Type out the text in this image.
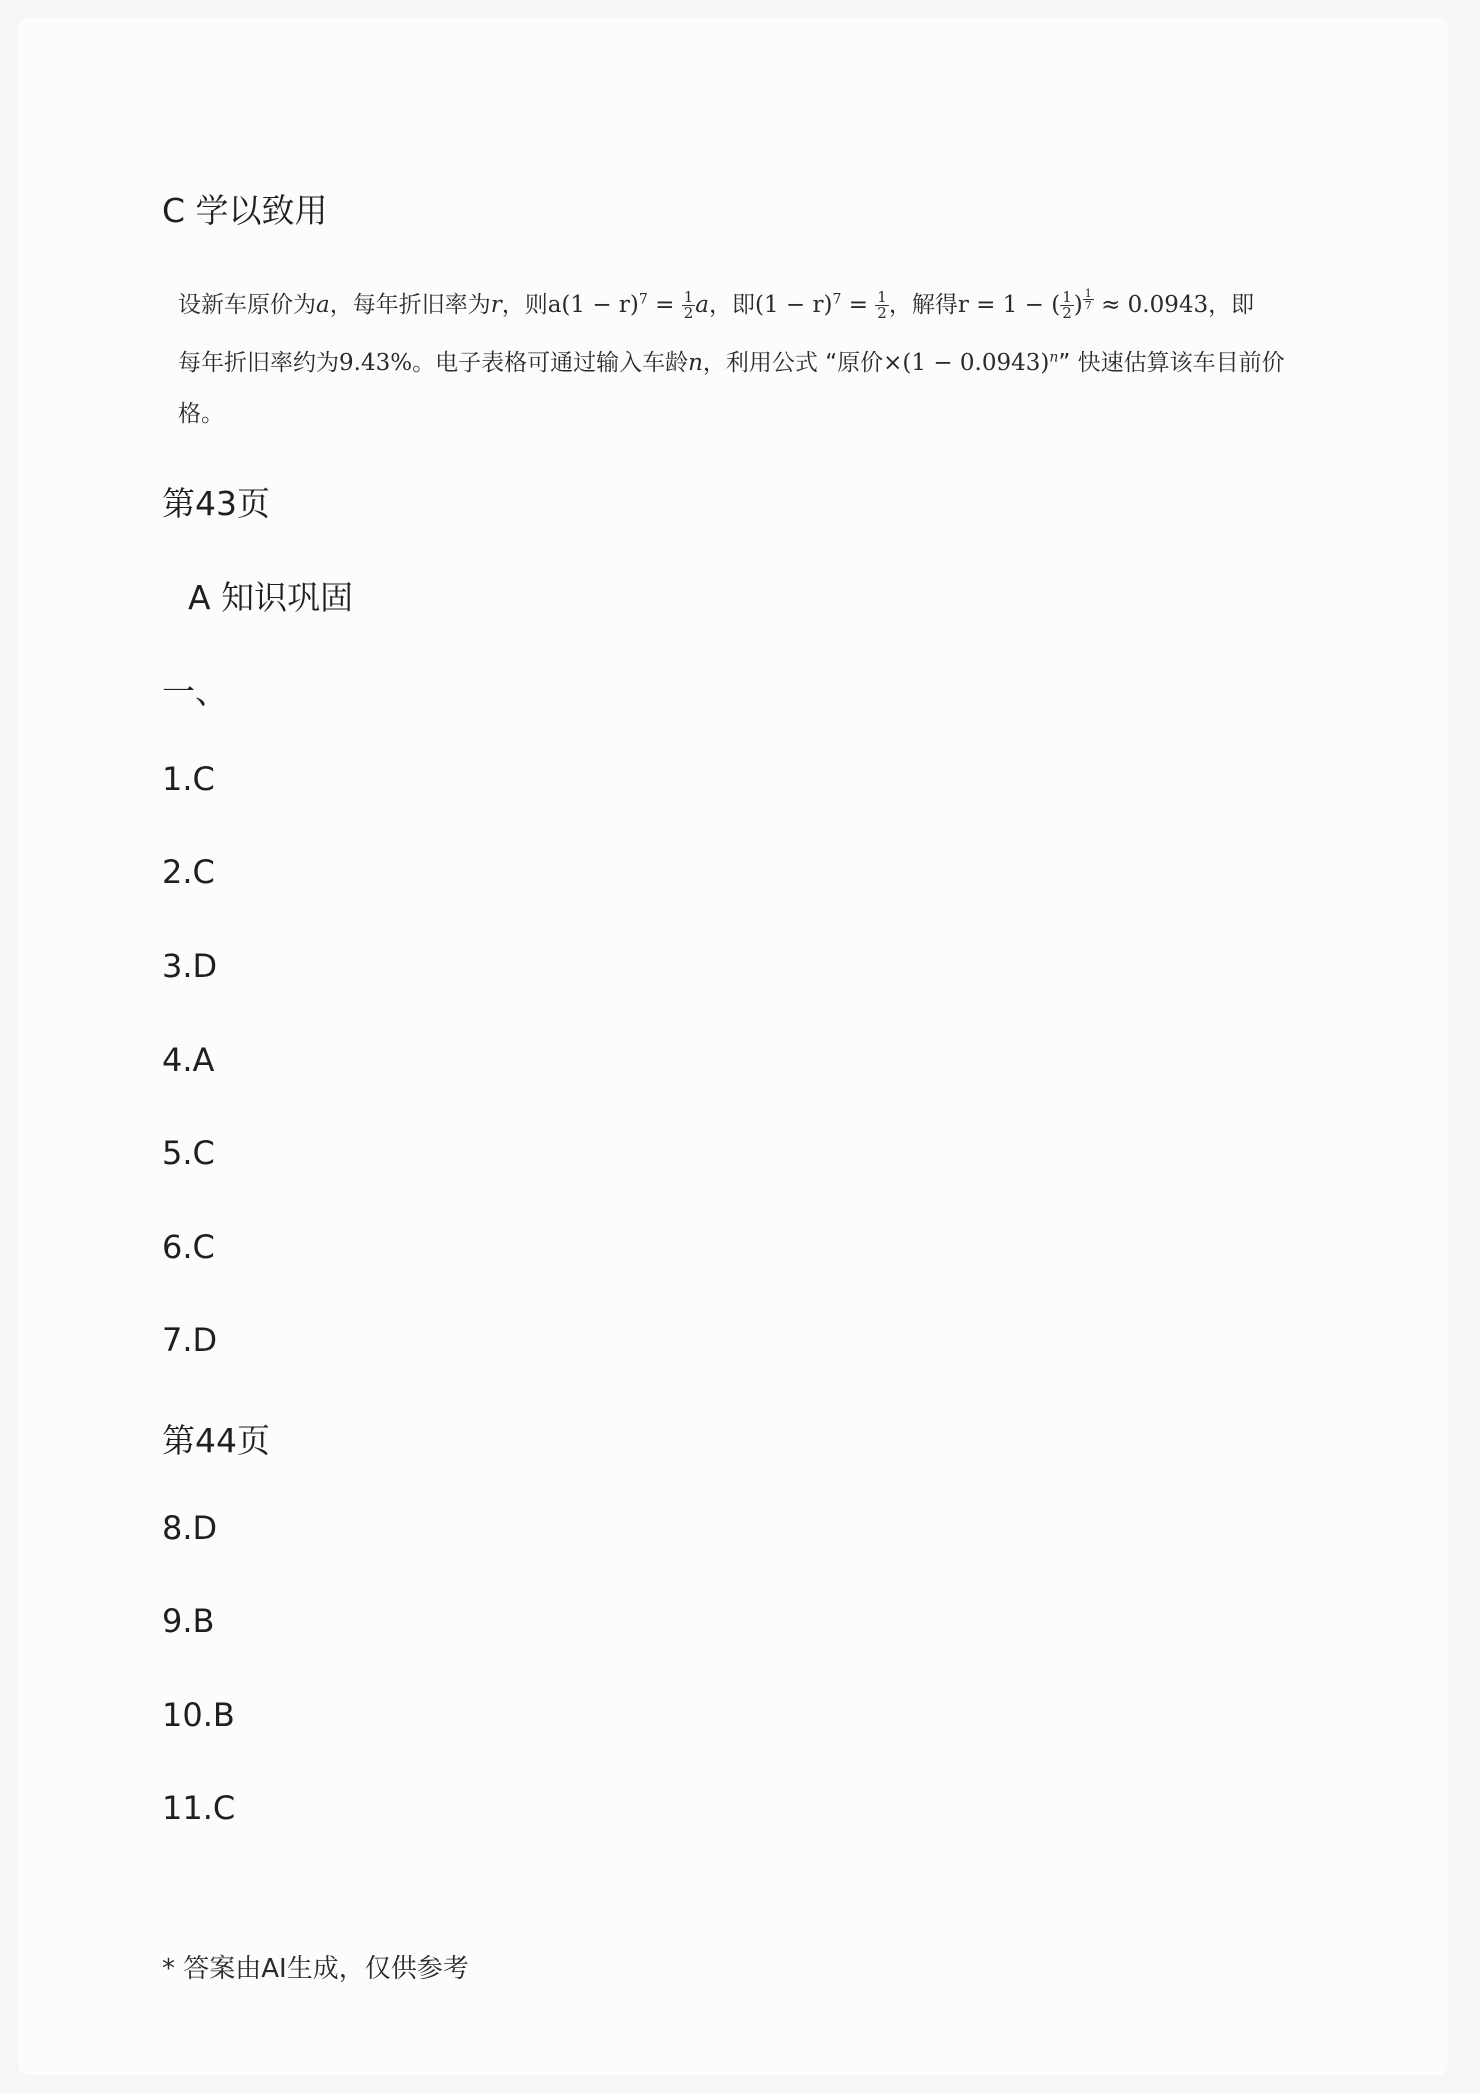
C 学以致用
设新车原价为a，每年折旧率为r，则$a(1 - r)^7 = \frac{1}{2}$ a，即$(1 - r)^7 = \frac{1}{2}$ ，解得r = 1 − ( $\frac{1}{2}$ ) $^{\frac{1}{7}}$ ≈ 0.0943，即
每年折旧率约为9.43%。电子表格可通过输入车龄n，利用公式 “原价$\times(1 - 0.0943)^n$” 快速估算该车目前价
格。
第43页
A 知识巩固
一、
1.C
2.C
3.D
4.A
5.C
6.C
7.D
第44页
8.D
9.B
10.B
11.C
* 答案由AI生成，仅供参考
